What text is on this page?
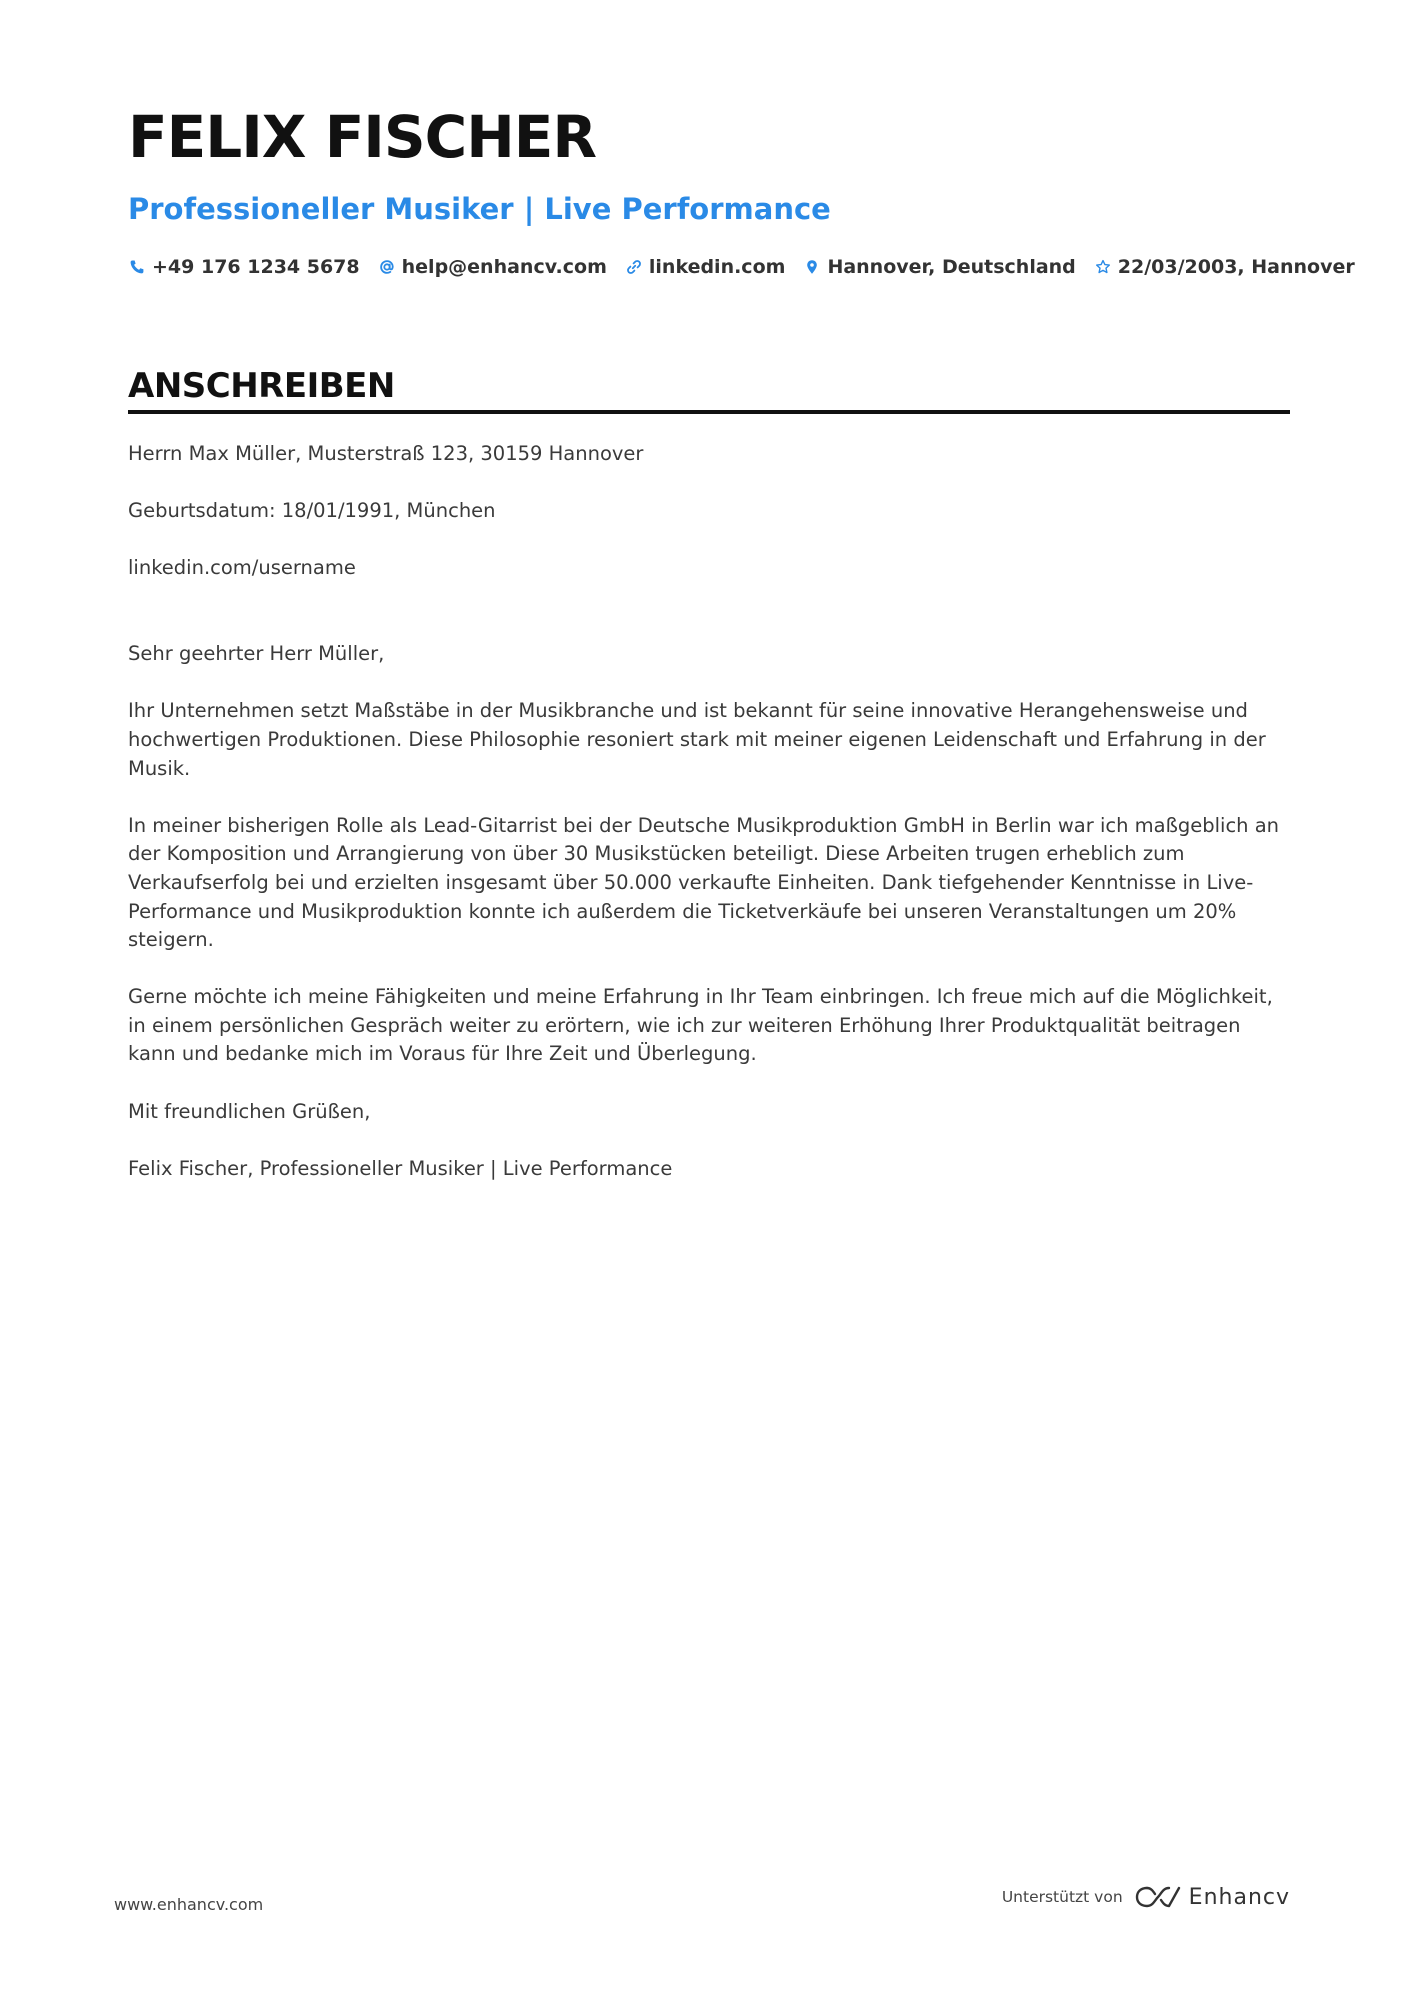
FELIX FISCHER
Professioneller Musiker | Live Performance
+49 176 1234 5678 help@enhancv.com linkedin.com Hannover, Deutschland 22/03/2003, Hannover
ANSCHREIBEN

Herrn Max Müller, Musterstraß 123, 30159 Hannover

Geburtsdatum: 18/01/1991, München

linkedin.com/username

Sehr geehrter Herr Müller,

Ihr Unternehmen setzt Maßstäbe in der Musikbranche und ist bekannt für seine innovative Herangehensweise und hochwertigen Produktionen. Diese Philosophie resoniert stark mit meiner eigenen Leidenschaft und Erfahrung in der Musik.

In meiner bisherigen Rolle als Lead-Gitarrist bei der Deutsche Musikproduktion GmbH in Berlin war ich maßgeblich an der Komposition und Arrangierung von über 30 Musikstücken beteiligt. Diese Arbeiten trugen erheblich zum Verkaufserfolg bei und erzielten insgesamt über 50.000 verkaufte Einheiten. Dank tiefgehender Kenntnisse in Live-Performance und Musikproduktion konnte ich außerdem die Ticketverkäufe bei unseren Veranstaltungen um 20% steigern.

Gerne möchte ich meine Fähigkeiten und meine Erfahrung in Ihr Team einbringen. Ich freue mich auf die Möglichkeit, in einem persönlichen Gespräch weiter zu erörtern, wie ich zur weiteren Erhöhung Ihrer Produktqualität beitragen kann und bedanke mich im Voraus für Ihre Zeit und Überlegung.

Mit freundlichen Grüßen,

Felix Fischer, Professioneller Musiker | Live Performance

www.enhancv.com	Unterstützt von	Enhancv
